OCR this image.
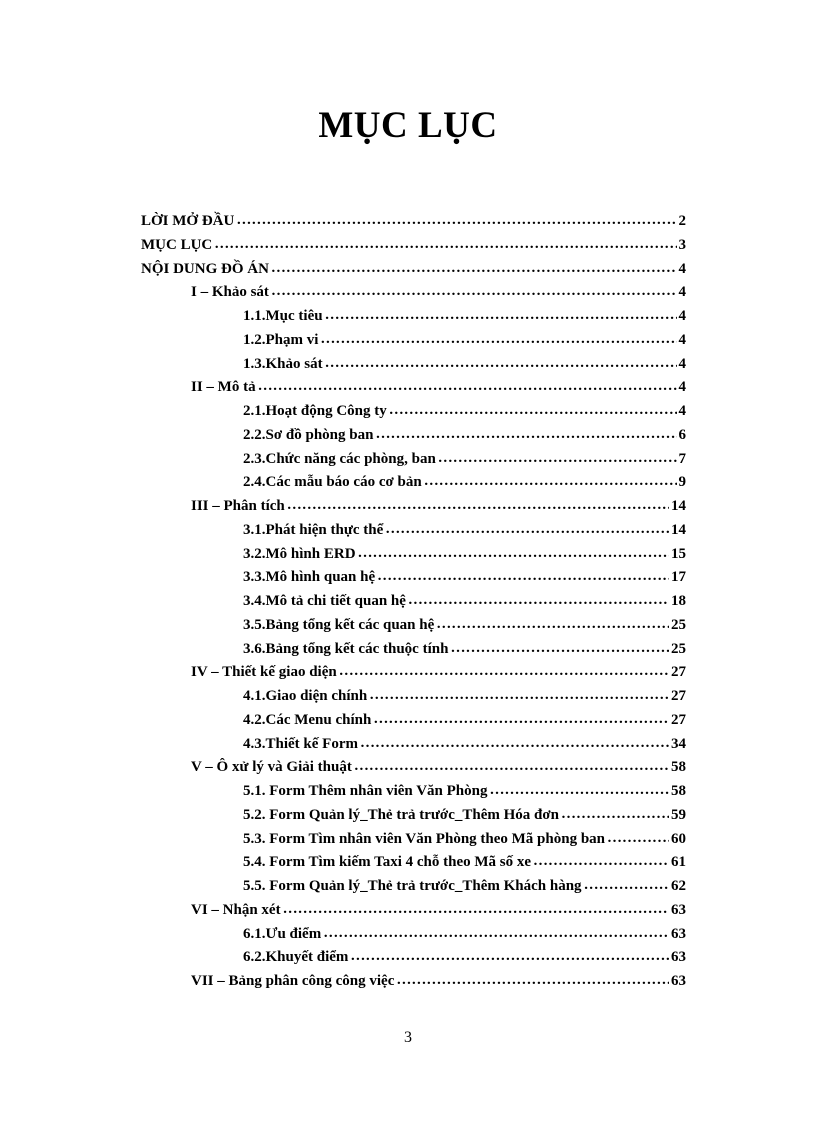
MỤC LỤC
LỜI MỞ ĐẦU ………………………………………………………………………………………………………………………………………………	2
MỤC LỤC ………………………………………………………………………………………………………………………………………………	3
NỘI DUNG ĐỒ ÁN ………………………………………………………………………………………………………………………………………………	4
I – Khảo sát ………………………………………………………………………………………………………………………………………………	4
1.1.Mục tiêu ………………………………………………………………………………………………………………………………………………	4
1.2.Phạm vi ………………………………………………………………………………………………………………………………………………	4
1.3.Khảo sát ………………………………………………………………………………………………………………………………………………	4
II – Mô tả ………………………………………………………………………………………………………………………………………………	4
2.1.Hoạt động Công ty ………………………………………………………………………………………………………………………………………………	4
2.2.Sơ đồ phòng ban ………………………………………………………………………………………………………………………………………………	6
2.3.Chức năng các phòng, ban ………………………………………………………………………………………………………………………………………………	7
2.4.Các mẫu báo cáo cơ bản ………………………………………………………………………………………………………………………………………………	9
III – Phân tích ………………………………………………………………………………………………………………………………………………	14
3.1.Phát hiện thực thể ………………………………………………………………………………………………………………………………………………	14
3.2.Mô hình ERD ………………………………………………………………………………………………………………………………………………	15
3.3.Mô hình quan hệ ………………………………………………………………………………………………………………………………………………	17
3.4.Mô tả chi tiết quan hệ ………………………………………………………………………………………………………………………………………………	18
3.5.Bảng tổng kết các quan hệ ………………………………………………………………………………………………………………………………………………	25
3.6.Bảng tổng kết các thuộc tính ………………………………………………………………………………………………………………………………………………	25
IV – Thiết kế giao diện ………………………………………………………………………………………………………………………………………………	27
4.1.Giao diện chính ………………………………………………………………………………………………………………………………………………	27
4.2.Các Menu chính ………………………………………………………………………………………………………………………………………………	27
4.3.Thiết kế Form ………………………………………………………………………………………………………………………………………………	34
V – Ô xử lý và Giải thuật ………………………………………………………………………………………………………………………………………………	58
5.1. Form Thêm nhân viên Văn Phòng ………………………………………………………………………………………………………………………………………………	58
5.2. Form Quản lý_Thẻ trả trước_Thêm Hóa đơn ………………………………………………………………………………………………………………………………………………	59
5.3. Form Tìm nhân viên Văn Phòng theo Mã phòng ban ………………………………………………………………………………………………………………………………………………	60
5.4. Form Tìm kiếm Taxi 4 chỗ theo Mã số xe ………………………………………………………………………………………………………………………………………………	61
5.5. Form Quản lý_Thẻ trả trước_Thêm Khách hàng ………………………………………………………………………………………………………………………………………………	62
VI – Nhận xét ………………………………………………………………………………………………………………………………………………	63
6.1.Ưu điểm ………………………………………………………………………………………………………………………………………………	63
6.2.Khuyết điểm ………………………………………………………………………………………………………………………………………………	63
VII – Bảng phân công công việc ………………………………………………………………………………………………………………………………………………	63

3
